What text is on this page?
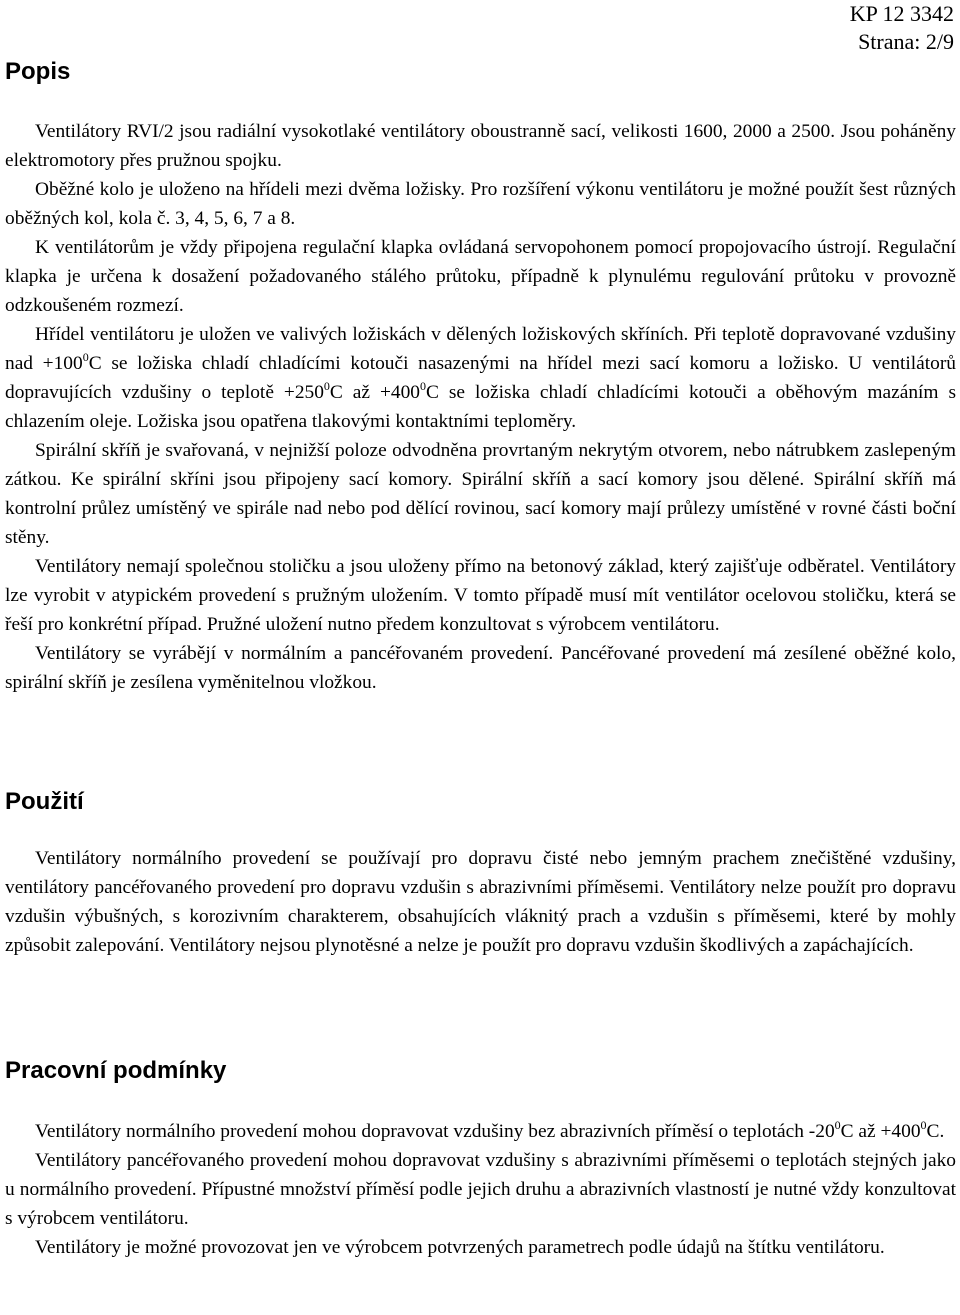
KP 12 3342
Strana: 2/9
Popis

Ventilátory RVI/2 jsou radiální vysokotlaké ventilátory oboustranně sací, velikosti 1600, 2000 a 2500. Jsou poháněny elektromotory přes pružnou spojku.

Oběžné kolo je uloženo na hřídeli mezi dvěma ložisky. Pro rozšíření výkonu ventilátoru je možné použít šest různých oběžných kol, kola č. 3, 4, 5, 6, 7 a 8.

K ventilátorům je vždy připojena regulační klapka ovládaná servopohonem pomocí propojovacího ústrojí. Regulační klapka je určena k dosažení požadovaného stálého průtoku, případně k plynulému regulování průtoku v provozně odzkoušeném rozmezí.

Hřídel ventilátoru je uložen ve valivých ložiskách v dělených ložiskových skříních. Při teplotě dopravované vzdušiny nad $+100^0C$ se ložiska chladí chladícími kotouči nasazenými na hřídel mezi sací komoru a ložisko. U ventilátorů dopravujících vzdušiny o teplotě $+250^0C$ až $+400^0C$ se ložiska chladí chladícími kotouči a oběhovým mazáním s chlazením oleje. Ložiska jsou opatřena tlakovými kontaktními teploměry.

Spirální skříň je svařovaná, v nejnižší poloze odvodněna provrtaným nekrytým otvorem, nebo nátrubkem zaslepeným zátkou. Ke spirální skříni jsou připojeny sací komory. Spirální skříň a sací komory jsou dělené. Spirální skříň má kontrolní průlez umístěný ve spirále nad nebo pod dělící rovinou, sací komory mají průlezy umístěné v rovné části boční stěny.

Ventilátory nemají společnou stoličku a jsou uloženy přímo na betonový základ, který zajišťuje odběratel. Ventilátory lze vyrobit v atypickém provedení s pružným uložením. V tomto případě musí mít ventilátor ocelovou stoličku, která se řeší pro konkrétní případ. Pružné uložení nutno předem konzultovat s výrobcem ventilátoru.

Ventilátory se vyrábějí v normálním a pancéřovaném provedení. Pancéřované provedení má zesílené oběžné kolo, spirální skříň je zesílena vyměnitelnou vložkou.

Použití

Ventilátory normálního provedení se používají pro dopravu čisté nebo jemným prachem znečištěné vzdušiny, ventilátory pancéřovaného provedení pro dopravu vzdušin s abrazivními příměsemi. Ventilátory nelze použít pro dopravu vzdušin výbušných, s korozivním charakterem, obsahujících vláknitý prach a vzdušin s příměsemi, které by mohly způsobit zalepování. Ventilátory nejsou plynotěsné a nelze je použít pro dopravu vzdušin škodlivých a zapáchajících.

Pracovní podmínky

Ventilátory normálního provedení mohou dopravovat vzdušiny bez abrazivních příměsí o teplotách $-20^0C$ až $+400^0C$.

Ventilátory pancéřovaného provedení mohou dopravovat vzdušiny s abrazivními příměsemi o teplotách stejných jako u normálního provedení. Přípustné množství příměsí podle jejich druhu a abrazivních vlastností je nutné vždy konzultovat s výrobcem ventilátoru.

Ventilátory je možné provozovat jen ve výrobcem potvrzených parametrech podle údajů na štítku ventilátoru.
